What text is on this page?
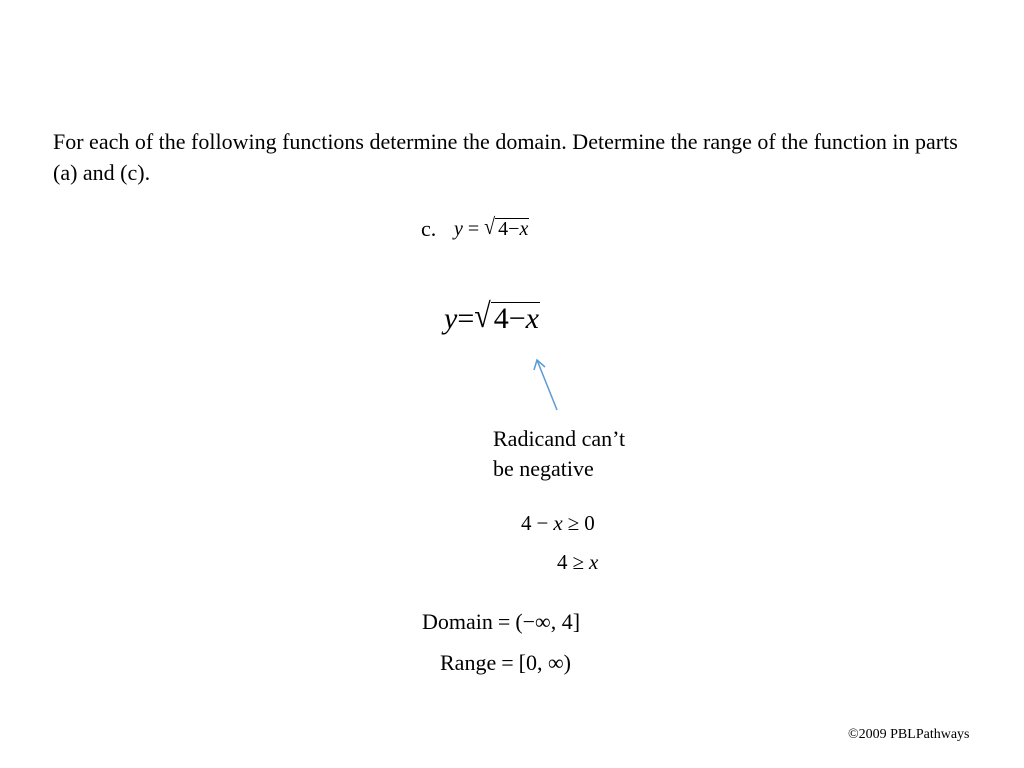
For each of the following functions determine the domain. Determine the range of the function in parts (a) and (c).
c. y = √ 4−x
y=√ 4−x
Radicand can’t
be negative
4 − x ≥ 0
4 ≥ x
Domain = (−∞, 4]
Range = [0, ∞)
©2009 PBLPathways
